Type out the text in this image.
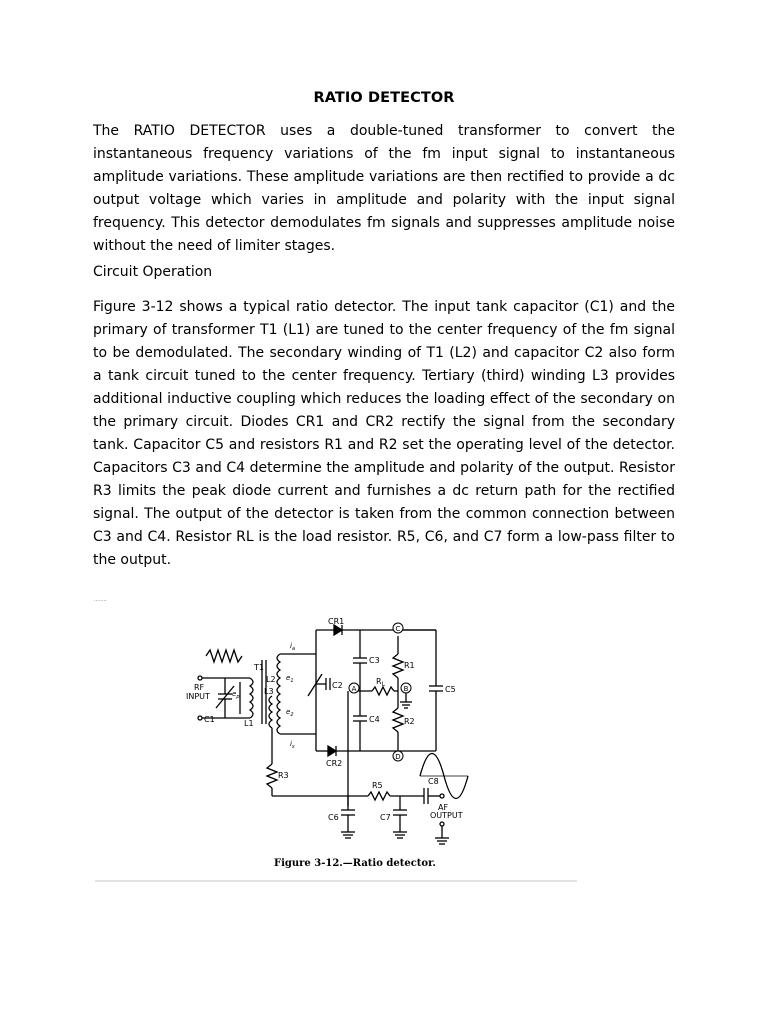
RATIO DETECTOR

The RATIO DETECTOR uses a double-tuned transformer to convert the instantaneous frequency variations of the fm input signal to instantaneous amplitude variations. These amplitude variations are then rectified to provide a dc output voltage which varies in amplitude and polarity with the input signal frequency. This detector demodulates fm signals and suppresses amplitude noise without the need of limiter stages.

Circuit Operation

Figure 3-12 shows a typical ratio detector. The input tank capacitor (C1) and the primary of transformer T1 (L1) are tuned to the center frequency of the fm signal to be demodulated. The secondary winding of T1 (L2) and capacitor C2 also form a tank circuit tuned to the center frequency. Tertiary (third) winding L3 provides additional inductive coupling which reduces the loading effect of the secondary on the primary circuit. Diodes CR1 and CR2 rectify the signal from the secondary tank. Capacitor C5 and resistors R1 and R2 set the operating level of the detector. Capacitors C3 and C4 determine the amplitude and polarity of the output. Resistor R3 limits the peak diode current and furnishes a dc return path for the rectified signal. The output of the detector is taken from the common connection between C3 and C4. Resistor RL is the load resistor. R5, C6, and C7 form a low-pass filter to the output.

········
C
A	B
D
CR1
CR2
C1
C2
C3
C4
C5
C6	C7
C8
R1
R2
R3
R5
$R_L$
T1
L1
L2
L3
RF
INPUT
AF
OUTPUT
$i_a$
$i_s$
$e_1$
$e_2$
$e_p$
Figure 3-12.—Ratio detector.
